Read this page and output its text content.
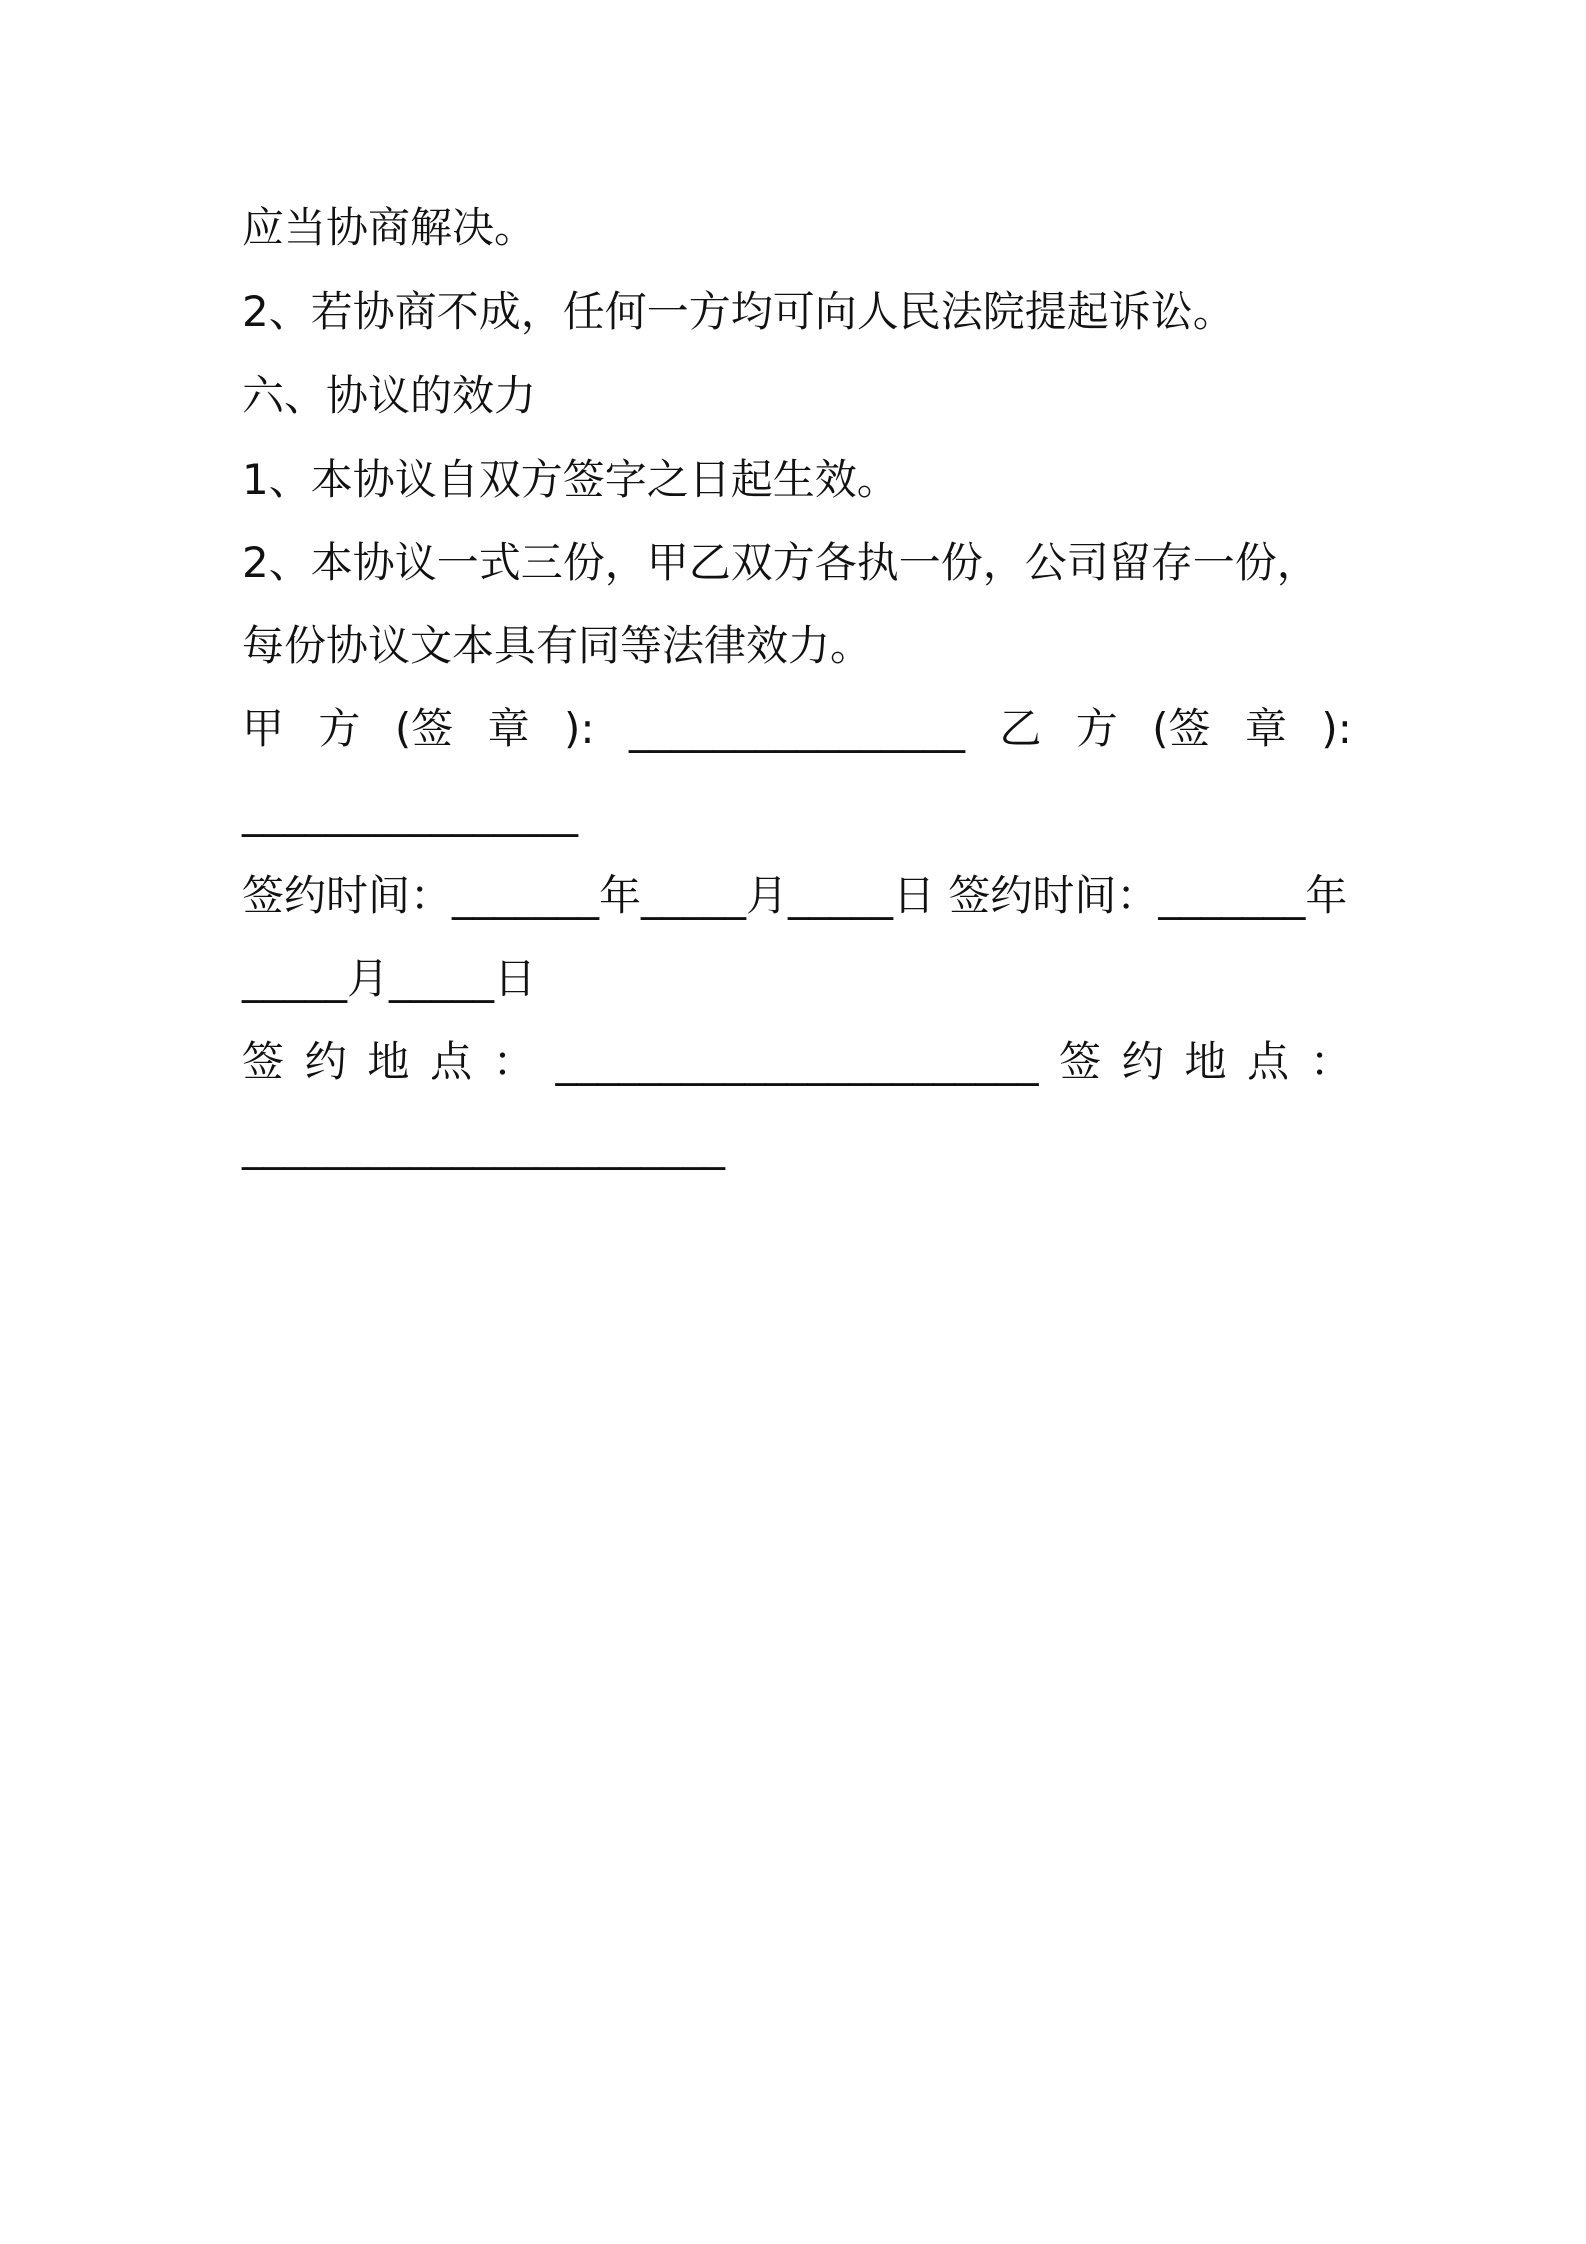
应当协商解决。
2、若协商不成，任何一方均可向人民法院提起诉讼。
六、协议的效力
1、本协议自双方签字之日起生效。
2、本协议一式三份，甲乙双方各执一份，公司留存一份，
每份协议文本具有同等法律效力。
甲 方 (签 章 ): ________________ 乙 方 (签 章 ):
________________
签约时间：_______年_____月_____日 签约时间：_______年
_____月_____日
签 约 地 点 ： _______________________ 签 约 地 点 ：
_______________________
